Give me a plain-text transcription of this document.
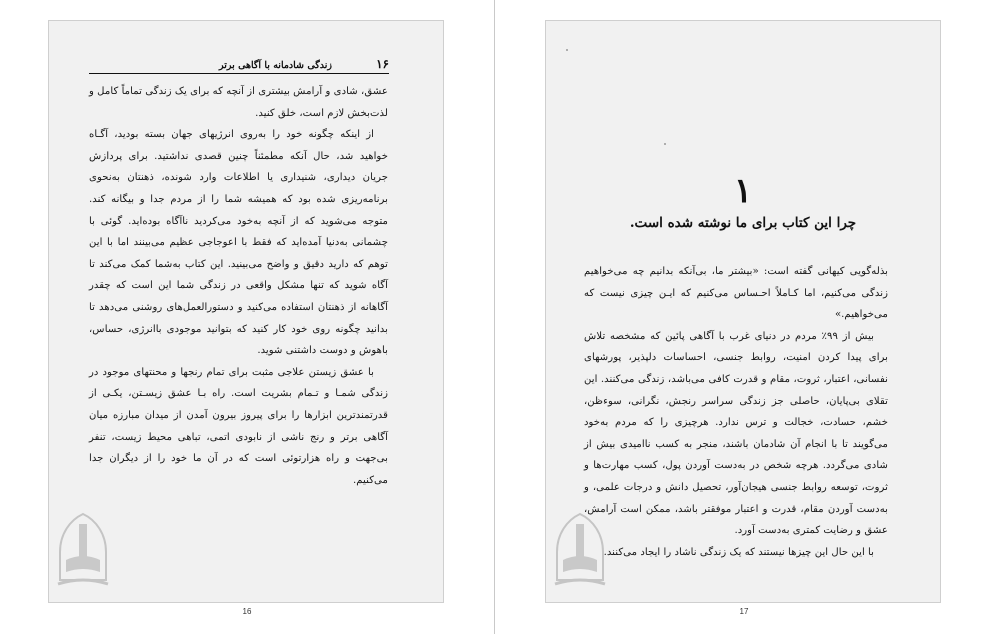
۱۶
زندگی شادمانه با آگاهی برتر

عشق، شادی و آرامش بیشتری از آنچه که برای یک زندگی تماماً کامل و لذت‌بخش لازم است، خلق کنید.

از اینکه چگونه خود را به‌روی انرژیهای جهان بسته بودید، آگـاه خواهید شد، حال آنکه مطمئناً چنین قصدی نداشتید. برای پردازش جریان دیداری، شنیداری یا اطلاعات وارد شونده، ذهنتان به‌نحوی برنامه‌ریزی شده بود که همیشه شما را از مردم جدا و بیگانه کند. متوجه می‌شوید که از آنچه به‌خود می‌کردید ناآگاه بوده‌اید. گوئی با چشمانی به‌دنیا آمده‌اید که فقط با اعوجاجی عظیم می‌بینند اما با این توهم که دارید دقیق و واضح می‌بینید. این کتاب به‌شما کمک می‌کند تا آگاه شوید که تنها مشکل واقعی در زندگی شما این است که چقدر آگاهانه از ذهنتان استفاده می‌کنید و دستورالعمل‌های روشنی می‌دهد تا بدانید چگونه روی خود کار کنید که بتوانید موجودی باانرژی، حساس، باهوش و دوست داشتنی شوید.

با عشق زیستن علاجی مثبت برای تمام رنجها و محنتهای موجود در زندگی شمـا و تـمام بشریت است. راه بـا عشق زیسـتن، یکـی از قدرتمندترین ابزارها را برای پیروز بیرون آمدن از میدان مبارزه میان آگاهی برتر و رنج ناشی از نابودی اتمی، تباهی محیط زیست، تنفر بی‌جهت و راه هزارتوئی است که در آن ما خود را از دیگران جدا می‌کنیم.

16
۱
چرا این کتاب برای ما نوشته شده است.

بذله‌گویی کیهانی گفته است: «بیشتر ما، بی‌آنکه بدانیم چه می‌خواهیم زندگی می‌کنیم، اما کـاملاً احـساس می‌کنیم که ایـن چیزی نیست که می‌خواهیم.»

بیش از ۹۹٪ مردم در دنیای غرب با آگاهی پائین که مشخصه تلاش برای پیدا کردن امنیت، روابط جنسی، احساسات دلپذیر، پورشهای نفسانی، اعتبار، ثروت، مقام و قدرت کافی می‌باشد، زندگی می‌کنند. این تقلای بی‌پایان، حاصلی جز زندگی سراسر رنجش، نگرانی، سوءظن، خشم، حسادت، خجالت و ترس ندارد. هرچیزی را که مردم به‌خود می‌گویند تا با انجام آن شادمان باشند، منجر به کسب ناامیدی بیش از شادی می‌گردد. هرچه شخص در به‌دست آوردن پول، کسب مهارت‌ها و ثروت، توسعه روابط جنسی هیجان‌آور، تحصیل دانش و درجات علمی، و به‌دست آوردن مقام، قدرت و اعتبار موفقتر باشد، ممکن است آرامش، عشق و رضایت کمتری به‌دست آورد.

با این حال این چیزها نیستند که یک زندگی ناشاد را ایجاد می‌کنند.

17
